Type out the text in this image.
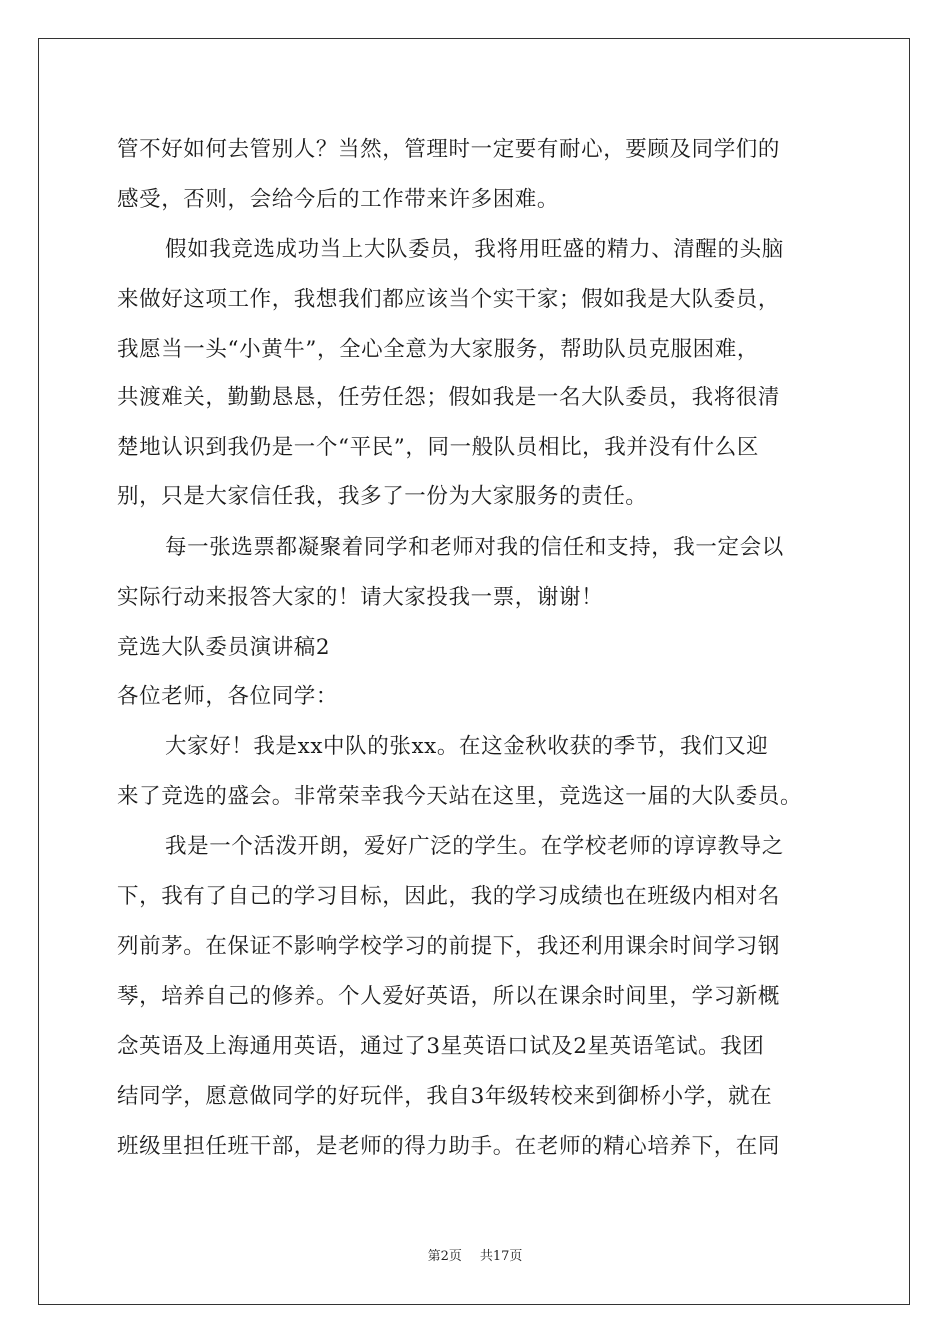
管不好如何去管别人？当然，管理时一定要有耐心，要顾及同学们的
感受，否则，会给今后的工作带来许多困难。
假如我竞选成功当上大队委员，我将用旺盛的精力、清醒的头脑
来做好这项工作，我想我们都应该当个实干家；假如我是大队委员，
我愿当一头“小黄牛”，全心全意为大家服务，帮助队员克服困难，
共渡难关，勤勤恳恳，任劳任怨；假如我是一名大队委员，我将很清
楚地认识到我仍是一个“平民”，同一般队员相比，我并没有什么区
别，只是大家信任我，我多了一份为大家服务的责任。
每一张选票都凝聚着同学和老师对我的信任和支持，我一定会以
实际行动来报答大家的！请大家投我一票，谢谢！
竞选大队委员演讲稿2
各位老师，各位同学：
大家好！我是xx中队的张xx。在这金秋收获的季节，我们又迎
来了竞选的盛会。非常荣幸我今天站在这里，竞选这一届的大队委员。
我是一个活泼开朗，爱好广泛的学生。在学校老师的谆谆教导之
下，我有了自己的学习目标，因此，我的学习成绩也在班级内相对名
列前茅。在保证不影响学校学习的前提下，我还利用课余时间学习钢
琴，培养自己的修养。个人爱好英语，所以在课余时间里，学习新概
念英语及上海通用英语，通过了3星英语口试及2星英语笔试。我团
结同学，愿意做同学的好玩伴，我自3年级转校来到御桥小学，就在
班级里担任班干部，是老师的得力助手。在老师的精心培养下，在同
第2页 共17页
